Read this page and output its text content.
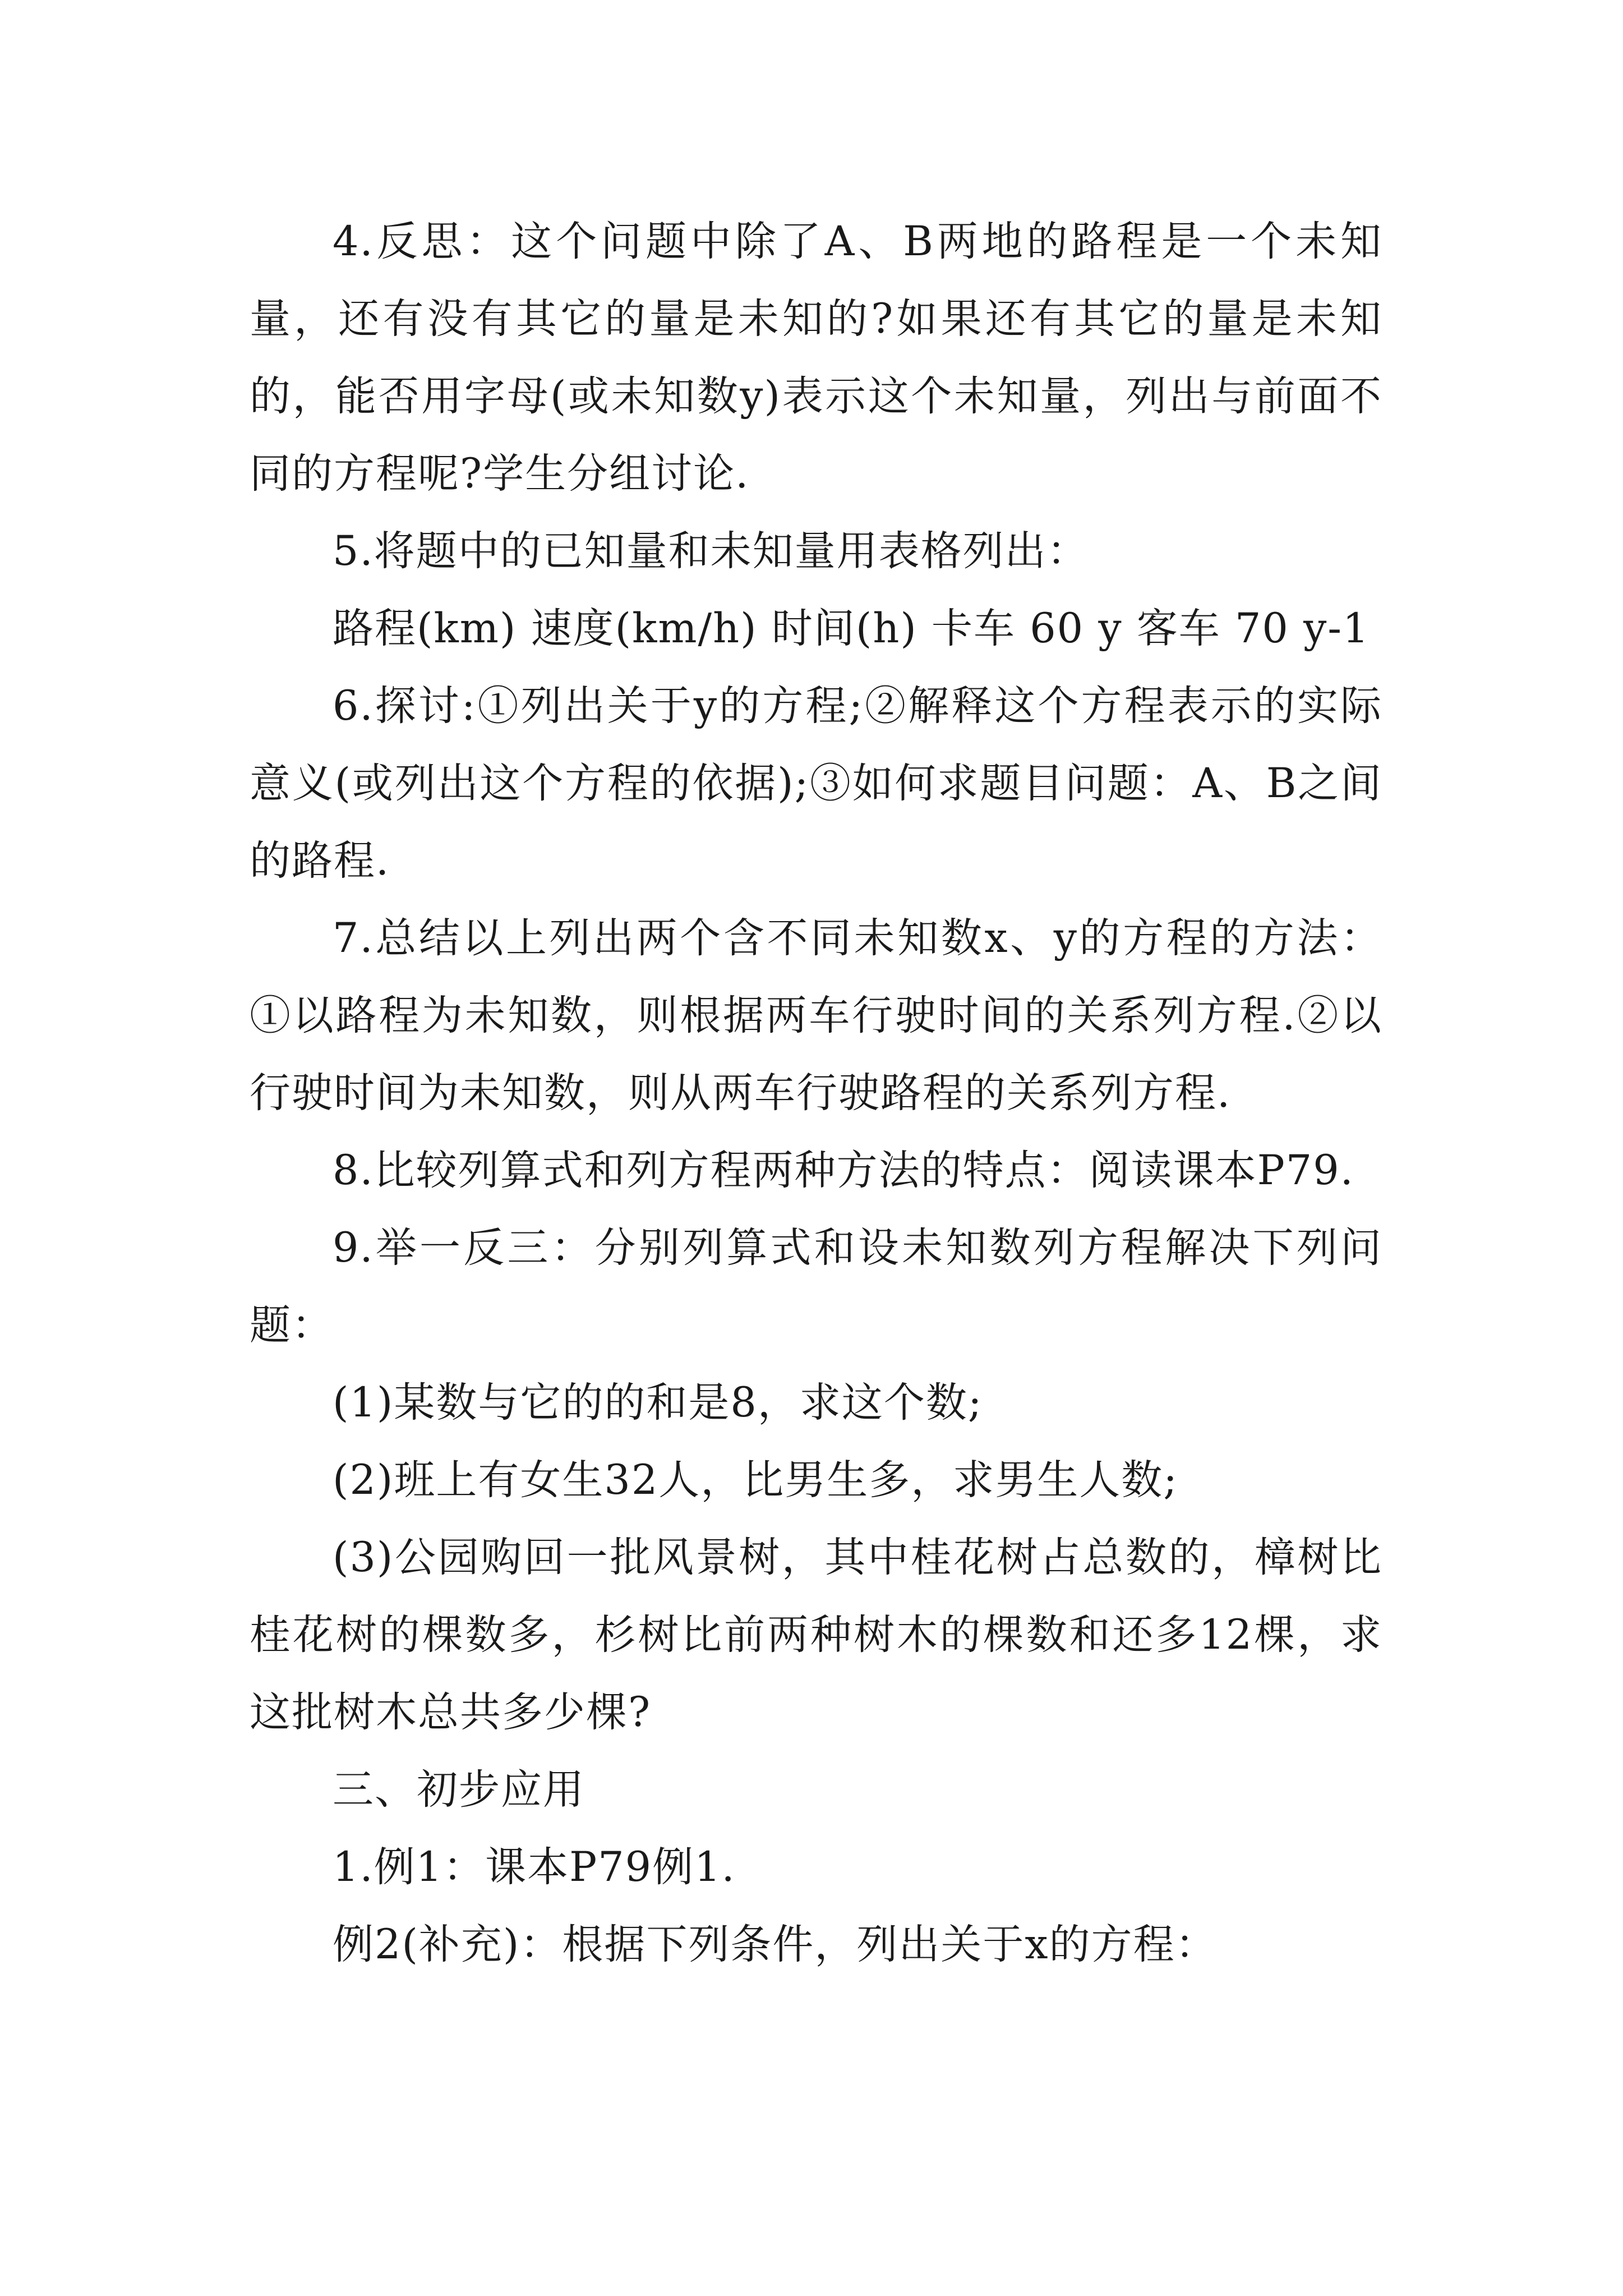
4.反思：这个问题中除了A、B两地的路程是一个未知量，还有没有其它的量是未知的?如果还有其它的量是未知的，能否用字母(或未知数y)表示这个未知量，列出与前面不同的方程呢?学生分组讨论.

5.将题中的已知量和未知量用表格列出：

路程(km) 速度(km/h) 时间(h) 卡车 60 y 客车 70 y-1

6.探讨:①列出关于y的方程;②解释这个方程表示的实际意义(或列出这个方程的依据);③如何求题目问题：A、B之间的路程.

7.总结以上列出两个含不同未知数x、y的方程的方法：①以路程为未知数，则根据两车行驶时间的关系列方程.②以行驶时间为未知数，则从两车行驶路程的关系列方程.

8.比较列算式和列方程两种方法的特点：阅读课本P79.

9.举一反三：分别列算式和设未知数列方程解决下列问题：

(1)某数与它的的和是8，求这个数;

(2)班上有女生32人，比男生多，求男生人数;

(3)公园购回一批风景树，其中桂花树占总数的，樟树比桂花树的棵数多，杉树比前两种树木的棵数和还多12棵，求这批树木总共多少棵?

三、初步应用

1.例1：课本P79例1.

例2(补充)：根据下列条件，列出关于x的方程：
